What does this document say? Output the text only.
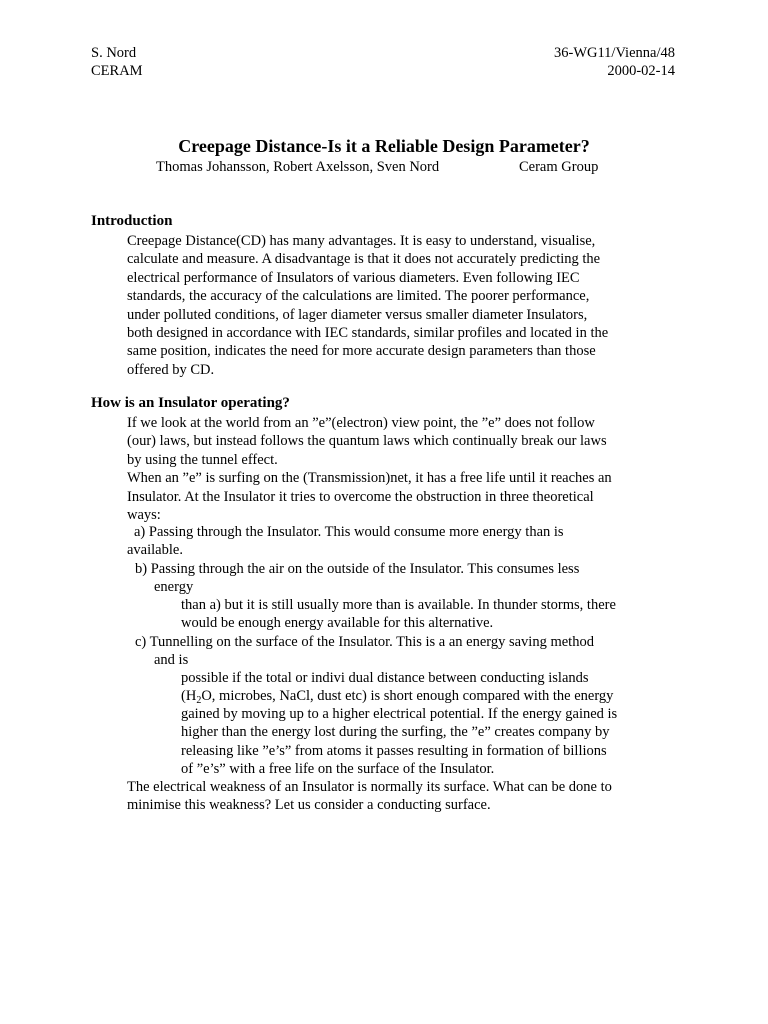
S. Nord
CERAM
36-WG11/Vienna/48
2000-02-14
Creepage Distance-Is it a Reliable Design Parameter?
Thomas Johansson, Robert Axelsson, Sven Nord	Ceram Group
Introduction
Creepage Distance(CD) has many advantages. It is easy to understand, visualise,
calculate and measure. A disadvantage is that it does not accurately predicting the
electrical performance of Insulators of various diameters. Even following IEC
standards, the accuracy of the calculations are limited. The poorer performance,
under polluted conditions, of lager diameter versus smaller diameter Insulators,
both designed in accordance with IEC standards, similar profiles and located in the
same position, indicates the need for more accurate design parameters than those
offered by CD.
How is an Insulator operating?
If we look at the world from an ”e”(electron) view point, the ”e” does not follow
(our) laws, but instead follows the quantum laws which continually break our laws
by using the tunnel effect.
When an ”e” is surfing on the (Transmission)net, it has a free life until it reaches an
Insulator. At the Insulator it tries to overcome the obstruction in three theoretical
ways:
a) Passing through the Insulator. This would consume more energy than is
available.
b) Passing through the air on the outside of the Insulator. This consumes less
energy
than a) but it is still usually more than is available. In thunder storms, there
would be enough energy available for this alternative.
c) Tunnelling on the surface of the Insulator. This is a an energy saving method
and is
possible if the total or indivi dual distance between conducting islands
($H_2O$, microbes, NaCl, dust etc) is short enough compared with the energy
gained by moving up to a higher electrical potential. If the energy gained is
higher than the energy lost during the surfing, the ”e” creates company by
releasing like ”e’s” from atoms it passes resulting in formation of billions
of ”e’s” with a free life on the surface of the Insulator.
The electrical weakness of an Insulator is normally its surface. What can be done to
minimise this weakness? Let us consider a conducting surface.
